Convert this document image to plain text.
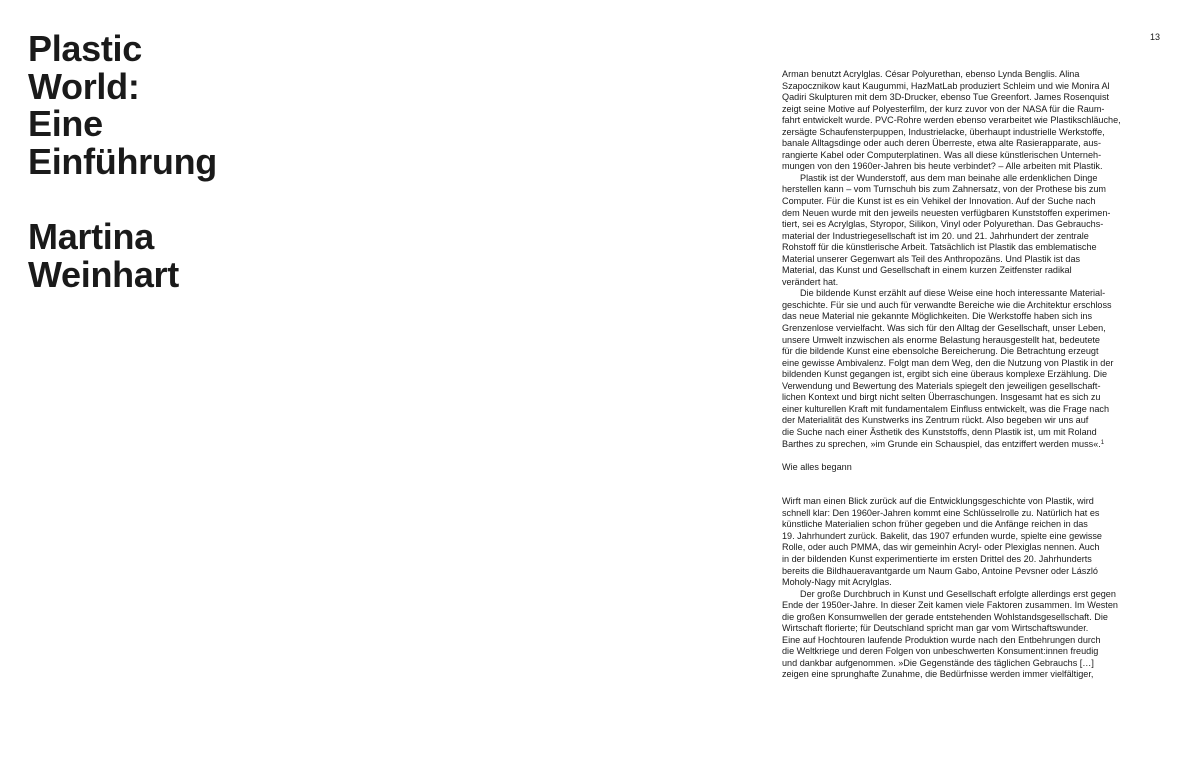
Plastic
World:
Eine
Einführung
Martina
Weinhart
13
Arman benutzt Acrylglas. César Polyurethan, ebenso Lynda Benglis. Alina
Szapocznikow kaut Kaugummi, HazMatLab produziert Schleim und wie Monira Al
Qadiri Skulpturen mit dem 3D-Drucker, ebenso Tue Greenfort. James Rosenquist
zeigt seine Motive auf Polyesterfilm, der kurz zuvor von der NASA für die Raum-
fahrt entwickelt wurde. PVC-Rohre werden ebenso verarbeitet wie Plastikschläuche,
zersägte Schaufensterpuppen, Industrielacke, überhaupt industrielle Werkstoffe,
banale Alltagsdinge oder auch deren Überreste, etwa alte Rasierapparate, aus-
rangierte Kabel oder Computerplatinen. Was all diese künstlerischen Unterneh-
mungen von den 1960er-Jahren bis heute verbindet? – Alle arbeiten mit Plastik.
Plastik ist der Wunderstoff, aus dem man beinahe alle erdenklichen Dinge
herstellen kann – vom Turnschuh bis zum Zahnersatz, von der Prothese bis zum
Computer. Für die Kunst ist es ein Vehikel der Innovation. Auf der Suche nach
dem Neuen wurde mit den jeweils neuesten verfügbaren Kunststoffen experimen-
tiert, sei es Acrylglas, Styropor, Silikon, Vinyl oder Polyurethan. Das Gebrauchs-
material der Industriegesellschaft ist im 20. und 21. Jahrhundert der zentrale
Rohstoff für die künstlerische Arbeit. Tatsächlich ist Plastik das emblematische
Material unserer Gegenwart als Teil des Anthropozäns. Und Plastik ist das
Material, das Kunst und Gesellschaft in einem kurzen Zeitfenster radikal
verändert hat.
Die bildende Kunst erzählt auf diese Weise eine hoch interessante Material-
geschichte. Für sie und auch für verwandte Bereiche wie die Architektur erschloss
das neue Material nie gekannte Möglichkeiten. Die Werkstoffe haben sich ins
Grenzenlose vervielfacht. Was sich für den Alltag der Gesellschaft, unser Leben,
unsere Umwelt inzwischen als enorme Belastung herausgestellt hat, bedeutete
für die bildende Kunst eine ebensolche Bereicherung. Die Betrachtung erzeugt
eine gewisse Ambivalenz. Folgt man dem Weg, den die Nutzung von Plastik in der
bildenden Kunst gegangen ist, ergibt sich eine überaus komplexe Erzählung. Die
Verwendung und Bewertung des Materials spiegelt den jeweiligen gesellschaft-
lichen Kontext und birgt nicht selten Überraschungen. Insgesamt hat es sich zu
einer kulturellen Kraft mit fundamentalem Einfluss entwickelt, was die Frage nach
der Materialität des Kunstwerks ins Zentrum rückt. Also begeben wir uns auf
die Suche nach einer Ästhetik des Kunststoffs, denn Plastik ist, um mit Roland
Barthes zu sprechen, »im Grunde ein Schauspiel, das entziffert werden muss«.$^1$
Wie alles begann
Wirft man einen Blick zurück auf die Entwicklungsgeschichte von Plastik, wird
schnell klar: Den 1960er-Jahren kommt eine Schlüsselrolle zu. Natürlich hat es
künstliche Materialien schon früher gegeben und die Anfänge reichen in das
19. Jahrhundert zurück. Bakelit, das 1907 erfunden wurde, spielte eine gewisse
Rolle, oder auch PMMA, das wir gemeinhin Acryl- oder Plexiglas nennen. Auch
in der bildenden Kunst experimentierte im ersten Drittel des 20. Jahrhunderts
bereits die Bildhaueravantgarde um Naum Gabo, Antoine Pevsner oder László
Moholy-Nagy mit Acrylglas.
Der große Durchbruch in Kunst und Gesellschaft erfolgte allerdings erst gegen
Ende der 1950er-Jahre. In dieser Zeit kamen viele Faktoren zusammen. Im Westen
die großen Konsumwellen der gerade entstehenden Wohlstandsgesellschaft. Die
Wirtschaft florierte; für Deutschland spricht man gar vom Wirtschaftswunder.
Eine auf Hochtouren laufende Produktion wurde nach den Entbehrungen durch
die Weltkriege und deren Folgen von unbeschwerten Konsument:innen freudig
und dankbar aufgenommen. »Die Gegenstände des täglichen Gebrauchs […]
zeigen eine sprunghafte Zunahme, die Bedürfnisse werden immer vielfältiger,
